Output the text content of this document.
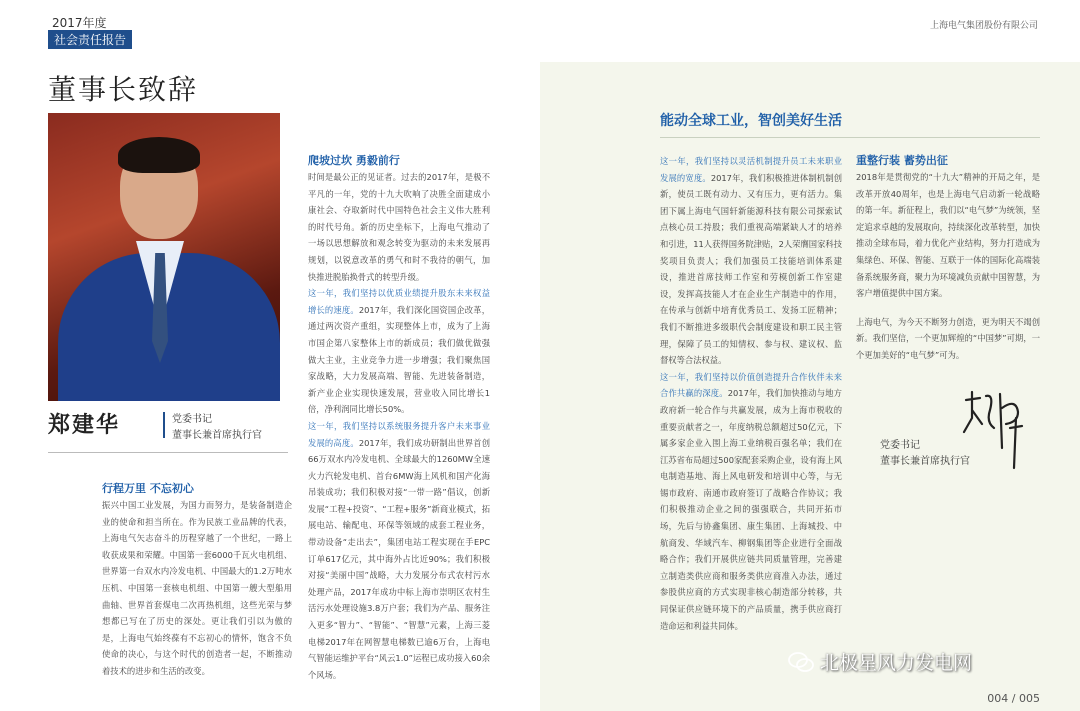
2017年度
社会责任报告
上海电气集团股份有限公司
董事长致辞
郑建华	党委书记
董事长兼首席执行官
行程万里 不忘初心

振兴中国工业发展，为国力而努力，是装备制造企业的使命和担当所在。作为民族工业品牌的代表，上海电气矢志奋斗的历程穿越了一个世纪，一路上收获成果和荣耀。中国第一套6000千瓦火电机组、世界第一台双水内冷发电机、中国最大的1.2万吨水压机、中国第一套核电机组、中国第一艘大型船用曲轴、世界首套煤电二次再热机组，这些光荣与梦想都已写在了历史的深处。更让我们引以为傲的是，上海电气始终葆有不忘初心的情怀，饱含不负使命的决心，与这个时代的创造者一起，不断推动着技术的进步和生活的改变。

爬坡过坎 勇毅前行

时间是最公正的见证者。过去的2017年，是极不平凡的一年，党的十九大吹响了决胜全面建成小康社会、夺取新时代中国特色社会主义伟大胜利的时代号角。新的历史坐标下，上海电气推动了一场以思想解放和观念转变为驱动的未来发展再规划，以锐意改革的勇气和时不我待的朝气，加快推进脱胎换骨式的转型升级。

这一年，我们坚持以优质业绩提升股东未来权益增长的速度。2017年，我们深化国资国企改革，通过两次资产重组，实现整体上市，成为了上海市国企第八家整体上市的新成员；我们做优做强做大主业，主业竞争力进一步增强；我们聚焦国家战略，大力发展高端、智能、先进装备制造，新产业企业实现快速发展，营业收入同比增长1倍，净利润同比增长50%。

这一年，我们坚持以系统服务提升客户未来事业发展的高度。2017年，我们成功研制出世界首创66万双水内冷发电机、全球最大的1260MW全速火力汽轮发电机、首台6MW海上风机和国产化海吊装成功；我们积极对接“一带一路”倡议，创新发展“工程+投资”、“工程+服务”新商业模式，拓展电站、输配电、环保等领域的成套工程业务，带动设备“走出去”，集团电站工程实现在手EPC订单617亿元，其中海外占比近90%；我们积极对接“美丽中国”战略，大力发展分布式农村污水处理产品，2017年成功中标上海市崇明区农村生活污水处理设施3.8万户套；我们为产品、服务注入更多“智力”、“智能”、“智慧”元素，上海三菱电梯2017年在网智慧电梯数已逾6万台，上海电气智能运维护平台“风云1.0”运程已成功接入60余个风场。

能动全球工业，智创美好生活

这一年，我们坚持以灵活机制提升员工未来职业发展的宽度。2017年，我们积极推进体制机制创新，使员工既有动力、又有压力，更有活力。集团下属上海电气国轩新能源科技有限公司探索试点核心员工持股；我们重视高端紧缺人才的培养和引进，11人获得国务院津贴，2人荣膺国家科技奖项目负责人；我们加强员工技能培训体系建设，推进首席技师工作室和劳模创新工作室建设，发挥高技能人才在企业生产制造中的作用，在传承与创新中培育优秀员工、发扬工匠精神；我们不断推进多级职代会制度建设和职工民主管理，保障了员工的知情权、参与权、建议权、监督权等合法权益。

这一年，我们坚持以价值创造提升合作伙伴未来合作共赢的深度。2017年，我们加快推动与地方政府新一轮合作与共赢发展，成为上海市税收的重要贡献者之一，年度纳税总额超过50亿元，下属多家企业入围上海工业纳税百强名单；我们在江苏省布局超过500家配套采购企业，设有海上风电制造基地、海上风电研发和培训中心等，与无锡市政府、南通市政府签订了战略合作协议；我们积极推动企业之间的强强联合，共同开拓市场，先后与协鑫集团、康生集团、上海城投、中航商发、华域汽车、柳钢集团等企业进行全面战略合作；我们开展供应链共同质量管理，完善建立制造类供应商和服务类供应商准入办法，通过参股供应商的方式实现非核心制造部分转移，共同保证供应链环境下的产品质量，携手供应商打造命运和利益共同体。

重整行装 蓄势出征

2018年是贯彻党的“十九大”精神的开局之年，是改革开放40周年，也是上海电气启动新一轮战略的第一年。新征程上，我们以“电气梦”为统领，坚定追求卓越的发展取向，持续深化改革转型，加快推动全球布局，着力优化产业结构，努力打造成为集绿色、环保、智能、互联于一体的国际化高端装备系统服务商，聚力为环境减负贡献中国智慧，为客户增值提供中国方案。

上海电气，为今天不断努力创造，更为明天不竭创新。我们坚信，一个更加辉煌的“中国梦”可期，一个更加美好的“电气梦”可为。

党委书记
董事长兼首席执行官
北极星风力发电网
004 / 005
